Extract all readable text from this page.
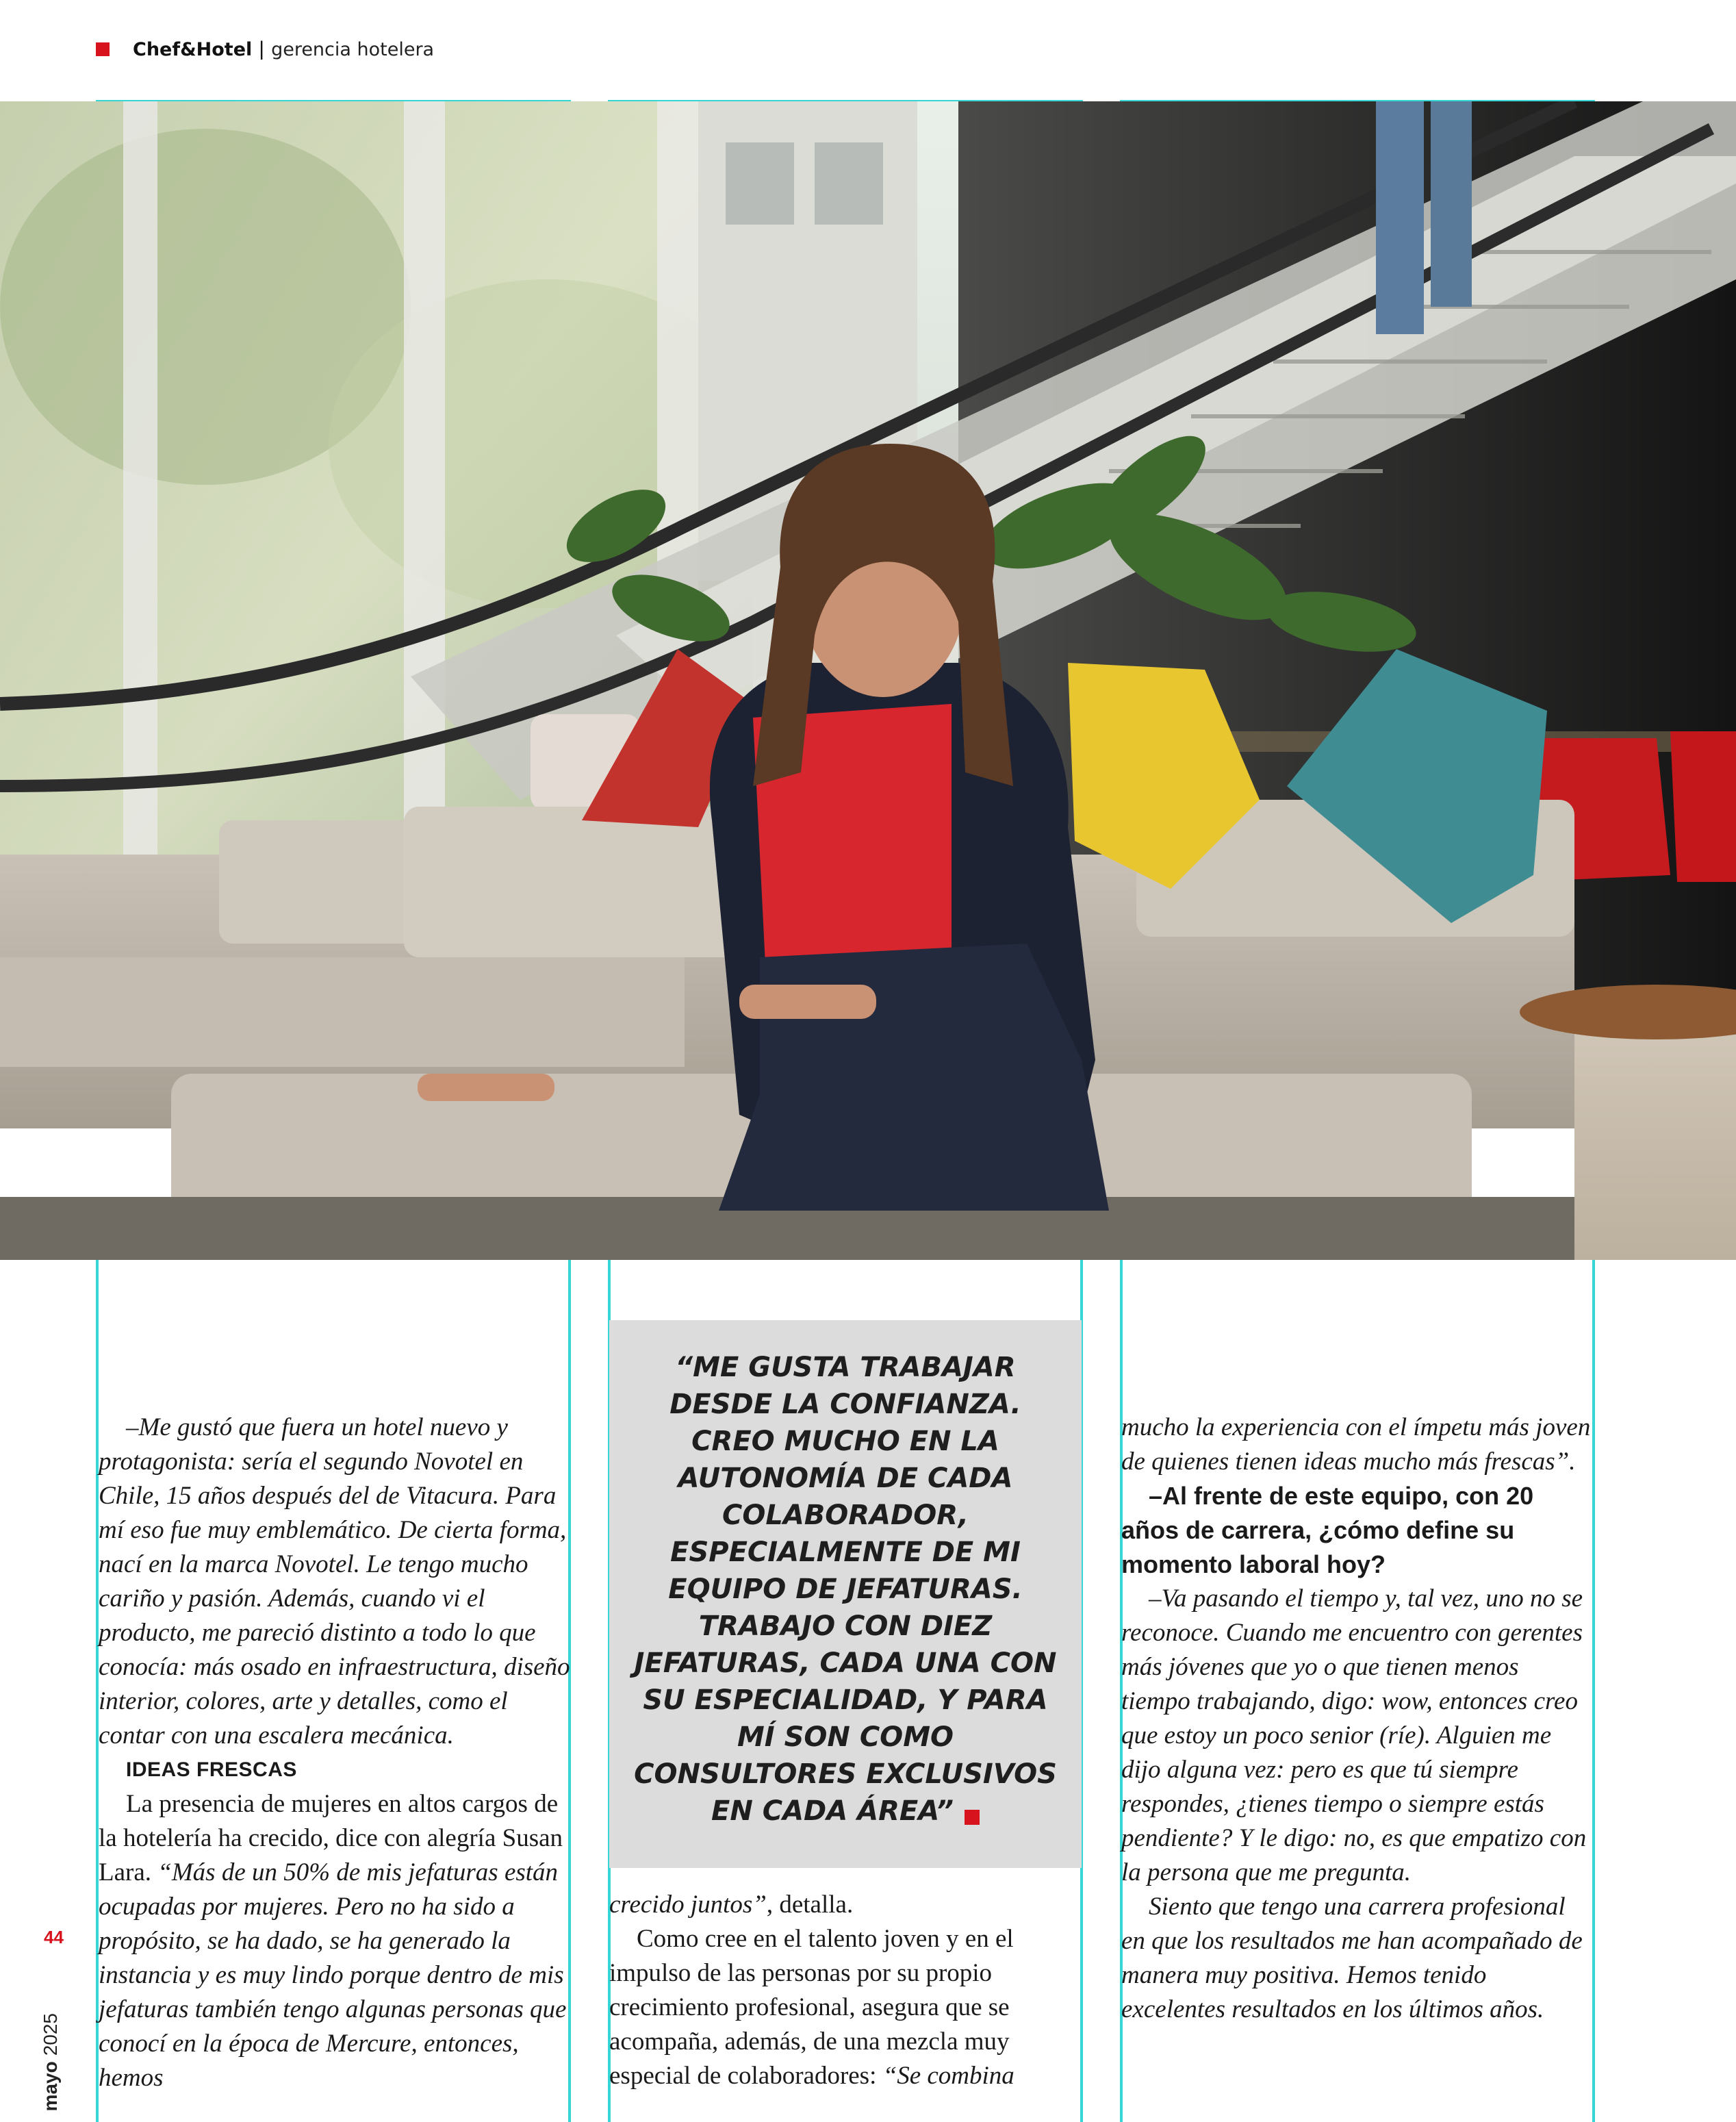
Chef&Hotel | gerencia hotelera

–Me gustó que fuera un hotel nuevo y protagonista: sería el segundo Novotel en Chile, 15 años después del de Vitacura. Para mí eso fue muy emblemático. De cierta forma, nací en la marca Novotel. Le tengo mucho cariño y pasión. Además, cuando vi el producto, me pareció distinto a todo lo que conocía: más osado en infraestructura, diseño interior, colores, arte y detalles, como el contar con una escalera mecánica.

IDEAS FRESCAS

La presencia de mujeres en altos cargos de la hotelería ha crecido, dice con alegría Susan Lara. “Más de un 50% de mis jefaturas están ocupadas por mujeres. Pero no ha sido a propósito, se ha dado, se ha generado la instancia y es muy lindo porque dentro de mis jefaturas también tengo algunas personas que conocí en la época de Mercure, entonces, hemos

“ME GUSTA TRABAJAR DESDE LA CONFIANZA. CREO MUCHO EN LA AUTONOMÍA DE CADA COLABORADOR, ESPECIALMENTE DE MI EQUIPO DE JEFATURAS. TRABAJO CON DIEZ JEFATURAS, CADA UNA CON SU ESPECIALIDAD, Y PARA MÍ SON COMO CONSULTORES EXCLUSIVOS EN CADA ÁREA”

crecido juntos”, detalla.

Como cree en el talento joven y en el impulso de las personas por su propio crecimiento profesional, asegura que se acompaña, además, de una mezcla muy especial de colaboradores: “Se combina

mucho la experiencia con el ímpetu más joven de quienes tienen ideas mucho más frescas”.

–Al frente de este equipo, con 20 años de carrera, ¿cómo define su momento laboral hoy?

–Va pasando el tiempo y, tal vez, uno no se reconoce. Cuando me encuentro con gerentes más jóvenes que yo o que tienen menos tiempo trabajando, digo: wow, entonces creo que estoy un poco senior (ríe). Alguien me dijo alguna vez: pero es que tú siempre respondes, ¿tienes tiempo o siempre estás pendiente? Y le digo: no, es que empatizo con la persona que me pregunta.

Siento que tengo una carrera profesional en que los resultados me han acompañado de manera muy positiva. Hemos tenido excelentes resultados en los últimos años.

44
mayo2025
